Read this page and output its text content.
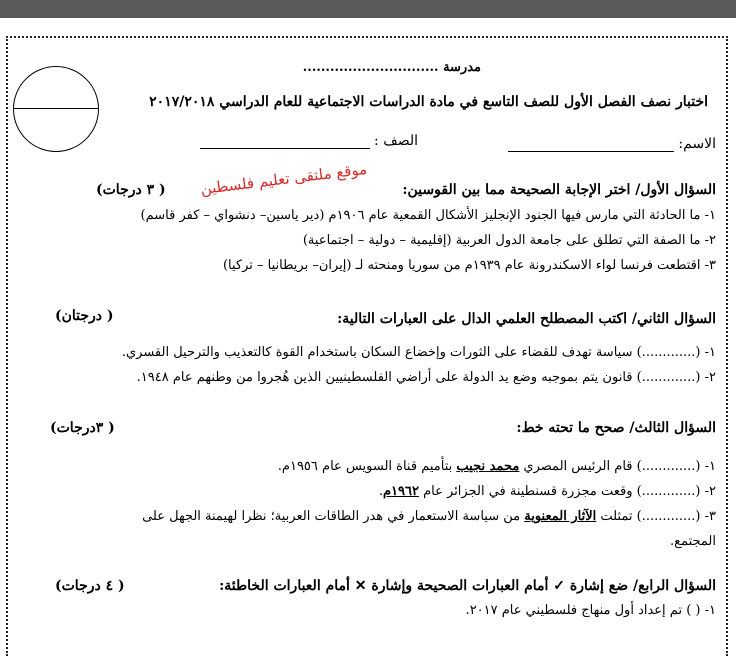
مدرسة ..............................
اختبار نصف الفصل الأول للصف التاسع في مادة الدراسات الاجتماعية للعام الدراسي ٢٠١٧/٢٠١٨
الاسم:
الصف :
موقع ملتقى تعليم فلسطين السؤال الأول/ اختر الإجابة الصحيحة مما بين القوسين:
( ٣ درجات)
١- ما الحادثة التي مارس فيها الجنود الإنجليز الأشكال القمعية عام ١٩٠٦م (دير ياسين– دنشواي – كفر قاسم)
٢- ما الصفة التي تطلق على جامعة الدول العربية (إقليمية – دولية – اجتماعية)
٣- اقتطعت فرنسا لواء الاسكندرونة عام ١٩٣٩م من سوريا ومنحته لـ (إيران– بريطانيا – تركيا)
السؤال الثاني/ اكتب المصطلح العلمي الدال على العبارات التالية:
( درجتان)
١- (.............) سياسة تهدف للقضاء على الثورات وإخضاع السكان باستخدام القوة كالتعذيب والترحيل القسري.
٢- (.............) قانون يتم بموجبه وضع يد الدولة على أراضي الفلسطينيين الذين هُجروا من وطنهم عام ١٩٤٨.
السؤال الثالث/ صحح ما تحته خط:
( ٣درجات)
١- (.............) قام الرئيس المصري محمد نجيب بتأميم قناة السويس عام ١٩٥٦م.
٢- (.............) وقعت مجزرة قسنطينة في الجزائر عام ١٩٦٢م.
٣- (.............) تمثلت الآثار المعنوية من سياسة الاستعمار في هدر الطاقات العربية؛ نظرا لهيمنة الجهل على
المجتمع.
السؤال الرابع/ ضع إشارة ✓ أمام العبارات الصحيحة وإشارة ✕ أمام العبارات الخاطئة:
( ٤ درجات)
١- ( ) تم إعداد أول منهاج فلسطيني عام ٢٠١٧.
